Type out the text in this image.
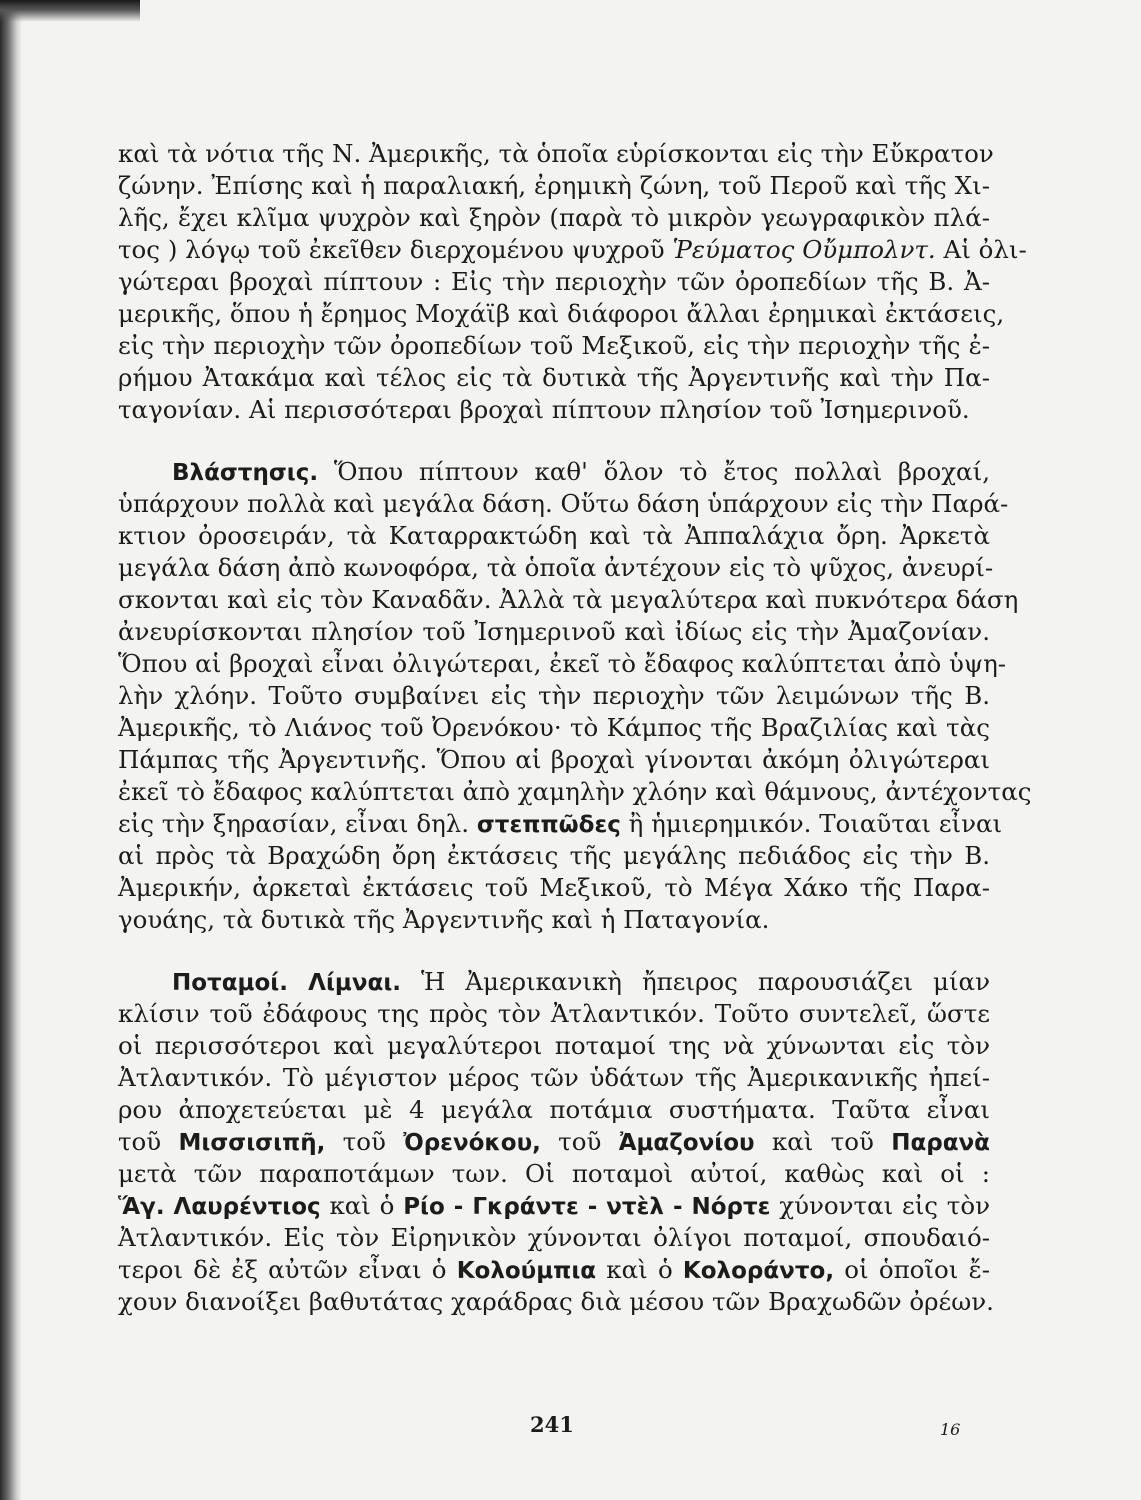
καὶ τὰ νότια τῆς Ν. Ἀμερικῆς, τὰ ὁποῖα εὑρίσκονται εἰς τὴν Εὔκρατον
ζώνην. Ἐπίσης καὶ ἡ παραλιακή, ἐρημικὴ ζώνη, τοῦ Περοῦ καὶ τῆς Χι-
λῆς, ἔχει κλῖμα ψυχρὸν καὶ ξηρὸν (παρὰ τὸ μικρὸν γεωγραφικὸν πλά-
τος ) λόγῳ τοῦ ἐκεῖθεν διερχομένου ψυχροῦ Ῥεύματος Οὔμπολντ. Αἱ ὀλι-
γώτεραι βροχαὶ πίπτουν : Εἰς τὴν περιοχὴν τῶν ὀροπεδίων τῆς Β. Ἀ-
μερικῆς, ὅπου ἡ ἔρημος Μοχάϊβ καὶ διάφοροι ἄλλαι ἐρημικαὶ ἐκτάσεις,
εἰς τὴν περιοχὴν τῶν ὀροπεδίων τοῦ Μεξικοῦ, εἰς τὴν περιοχὴν τῆς ἐ-
ρήμου Ἀτακάμα καὶ τέλος εἰς τὰ δυτικὰ τῆς Ἀργεντινῆς καὶ τὴν Πα-
ταγονίαν. Αἱ περισσότεραι βροχαὶ πίπτουν πλησίον τοῦ Ἰσημερινοῦ.
Βλάστησις. Ὅπου πίπτουν καθ' ὅλον τὸ ἔτος πολλαὶ βροχαί,
ὑπάρχουν πολλὰ καὶ μεγάλα δάση. Οὕτω δάση ὑπάρχουν εἰς τὴν Παρά-
κτιον ὀροσειράν, τὰ Καταρρακτώδη καὶ τὰ Ἀππαλάχια ὄρη. Ἀρκετὰ
μεγάλα δάση ἀπὸ κωνοφόρα, τὰ ὁποῖα ἀντέχουν εἰς τὸ ψῦχος, ἀνευρί-
σκονται καὶ εἰς τὸν Καναδᾶν. Ἀλλὰ τὰ μεγαλύτερα καὶ πυκνότερα δάση
ἀνευρίσκονται πλησίον τοῦ Ἰσημερινοῦ καὶ ἰδίως εἰς τὴν Ἀμαζονίαν.
Ὅπου αἱ βροχαὶ εἶναι ὀλιγώτεραι, ἐκεῖ τὸ ἔδαφος καλύπτεται ἀπὸ ὑψη-
λὴν χλόην. Τοῦτο συμβαίνει εἰς τὴν περιοχὴν τῶν λειμώνων τῆς Β.
Ἀμερικῆς, τὸ Λιάνος τοῦ Ὀρενόκου· τὸ Κάμπος τῆς Βραζιλίας καὶ τὰς
Πάμπας τῆς Ἀργεντινῆς. Ὅπου αἱ βροχαὶ γίνονται ἀκόμη ὀλιγώτεραι
ἐκεῖ τὸ ἔδαφος καλύπτεται ἀπὸ χαμηλὴν χλόην καὶ θάμνους, ἀντέχοντας
εἰς τὴν ξηρασίαν, εἶναι δηλ. στεππῶδες ἢ ἡμιερημικόν. Τοιαῦται εἶναι
αἱ πρὸς τὰ Βραχώδη ὄρη ἐκτάσεις τῆς μεγάλης πεδιάδος εἰς τὴν Β.
Ἀμερικήν, ἀρκεταὶ ἐκτάσεις τοῦ Μεξικοῦ, τὸ Μέγα Χάκο τῆς Παρα-
γουάης, τὰ δυτικὰ τῆς Ἀργεντινῆς καὶ ἡ Παταγονία.
Ποταμοί. Λίμναι. Ἡ Ἀμερικανικὴ ἤπειρος παρουσιάζει μίαν
κλίσιν τοῦ ἐδάφους της πρὸς τὸν Ἀτλαντικόν. Τοῦτο συντελεῖ, ὥστε
οἱ περισσότεροι καὶ μεγαλύτεροι ποταμοί της νὰ χύνωνται εἰς τὸν
Ἀτλαντικόν. Τὸ μέγιστον μέρος τῶν ὑδάτων τῆς Ἀμερικανικῆς ἠπεί-
ρου ἀποχετεύεται μὲ 4 μεγάλα ποτάμια συστήματα. Ταῦτα εἶναι
τοῦ Μισσισιπῆ, τοῦ Ὀρενόκου, τοῦ Ἀμαζονίου καὶ τοῦ Παρανὰ
μετὰ τῶν παραποτάμων των. Οἱ ποταμοὶ αὐτοί, καθὼς καὶ οἱ :
Ἅγ. Λαυρέντιος καὶ ὁ Ρίο - Γκράντε - ντὲλ - Νόρτε χύνονται εἰς τὸν
Ἀτλαντικόν. Εἰς τὸν Εἰρηνικὸν χύνονται ὀλίγοι ποταμοί, σπουδαιό-
τεροι δὲ ἐξ αὐτῶν εἶναι ὁ Κολούμπια καὶ ὁ Κολοράντο, οἱ ὁποῖοι ἔ-
χουν διανοίξει βαθυτάτας χαράδρας διὰ μέσου τῶν Βραχωδῶν ὀρέων.
241	16
